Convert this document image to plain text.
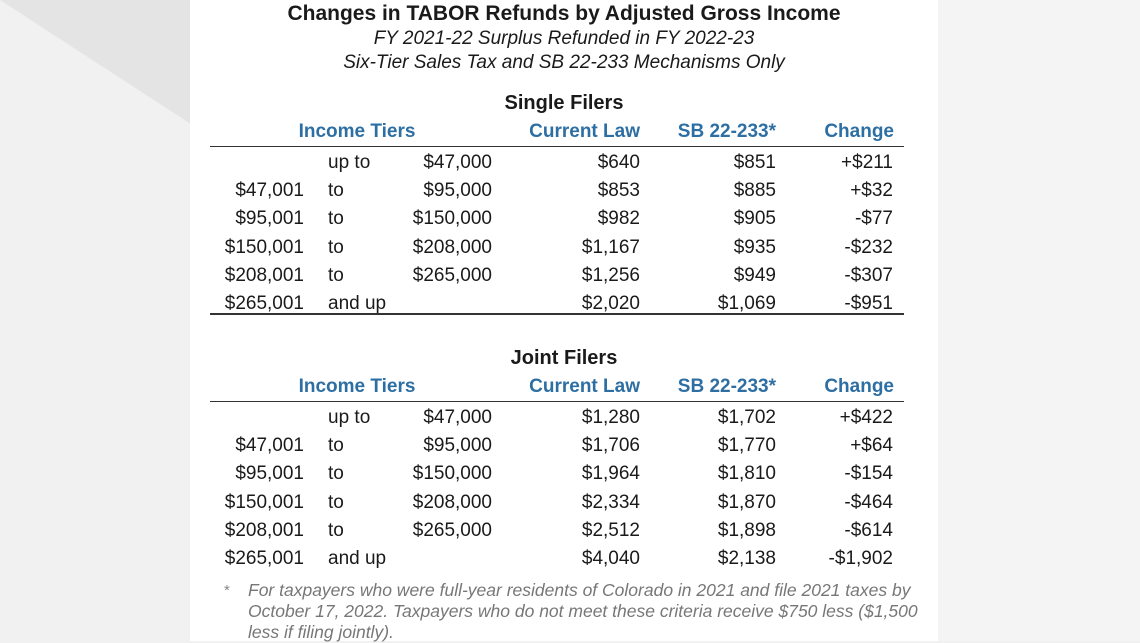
Changes in TABOR Refunds by Adjusted Gross Income
FY 2021-22 Surplus Refunded in FY 2022-23
Six-Tier Sales Tax and SB 22-233 Mechanisms Only
Single Filers
Income Tiers	Current Law	SB 22-233*	Change
up to	$47,000	$640	$851	+$211
$47,001 to	$95,000	$853	$885	+$32
$95,001 to	$150,000	$982	$905	-$77
$150,001 to	$208,000	$1,167	$935	-$232
$208,001 to	$265,000	$1,256	$949	-$307
$265,001 and up	$2,020	$1,069	-$951
Joint Filers
Income Tiers	Current Law	SB 22-233*	Change
up to	$47,000	$1,280	$1,702	+$422
$47,001 to	$95,000	$1,706	$1,770	+$64
$95,001 to	$150,000	$1,964	$1,810	-$154
$150,001 to	$208,000	$2,334	$1,870	-$464
$208,001 to	$265,000	$2,512	$1,898	-$614
$265,001 and up	$4,040	$2,138	-$1,902
* For taxpayers who were full-year residents of Colorado in 2021 and file 2021 taxes by October 17, 2022. Taxpayers who do not meet these criteria receive $750 less ($1,500 less if filing jointly).
